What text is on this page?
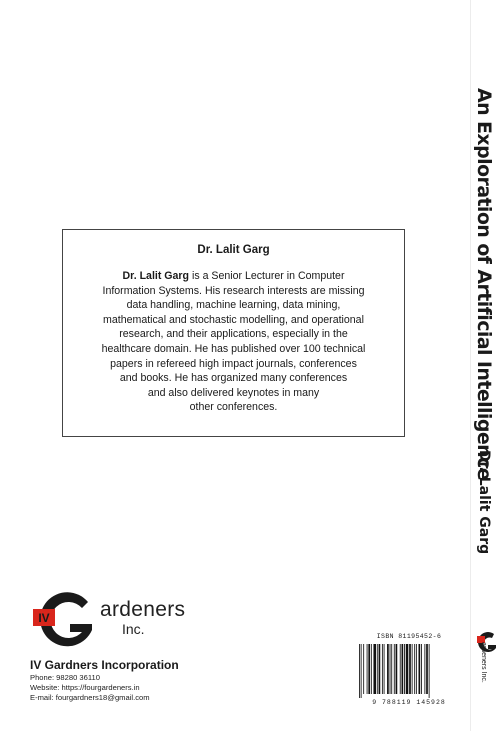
Dr. Lalit Garg
Dr. Lalit Garg is a Senior Lecturer in Computer
Information Systems. His research interests are missing
data handling, machine learning, data mining,
mathematical and stochastic modelling, and operational
research, and their applications, especially in the
healthcare domain. He has published over 100 technical
papers in refereed high impact journals, conferences
and books. He has organized many conferences
and also delivered keynotes in many
other conferences.
IV ardeners
Inc.
IV Gardners Incorporation
Phone: 98280 36110
Website: https://fourgardeners.in
E-mail: fourgardners18@gmail.com
ISBN 81195452-6
9 788119 145928
An Exploration of Artificial Intelligence
Dr. Lalit Garg
ardeners Inc.
